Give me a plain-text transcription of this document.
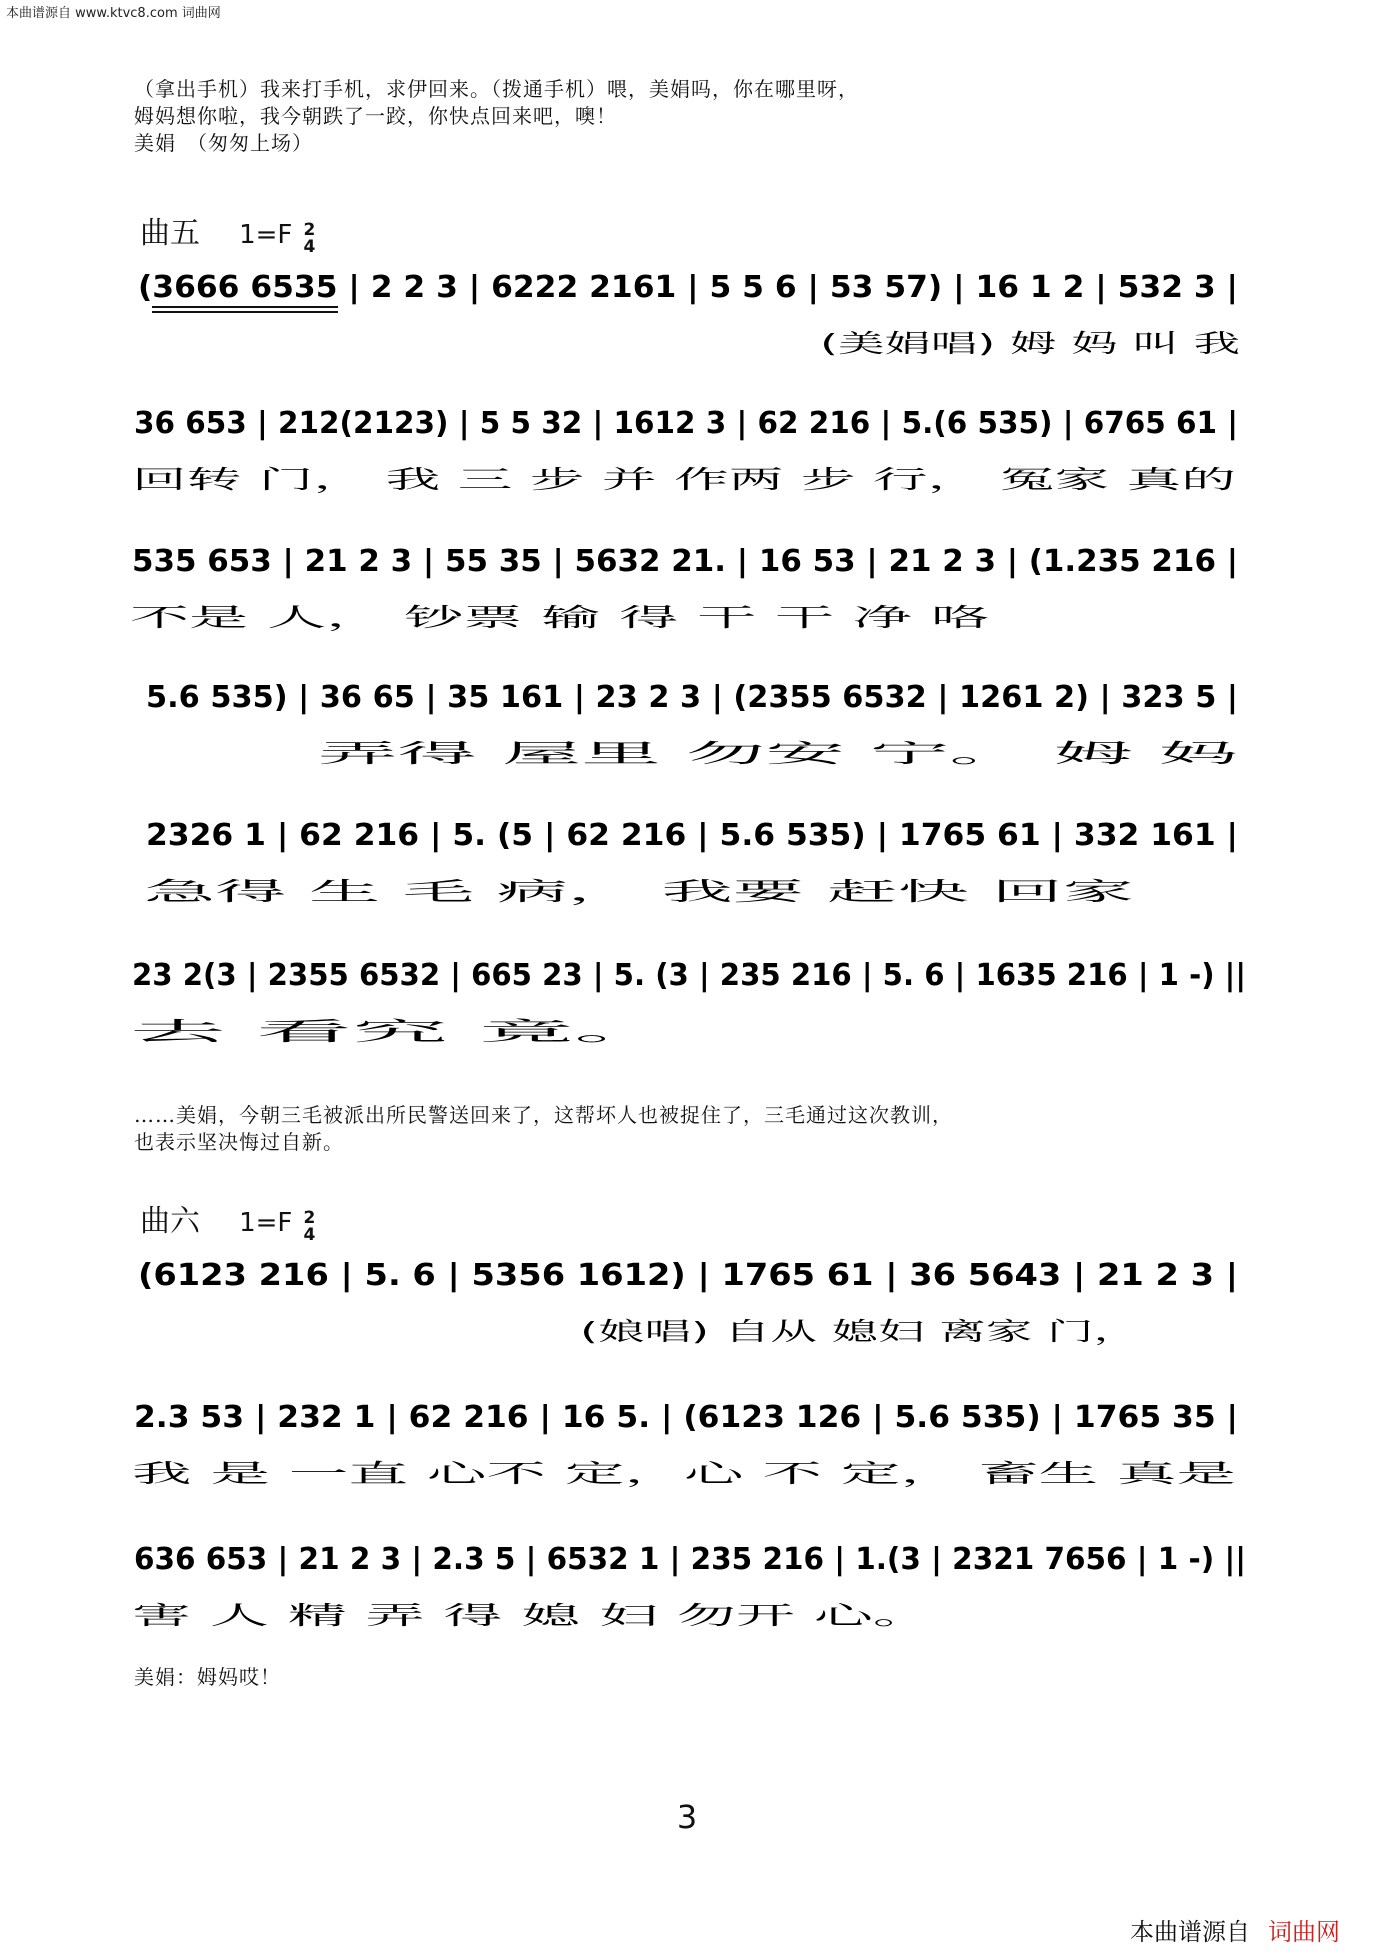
本曲谱源自 www.ktvc8.com 词曲网
（拿出手机）我来打手机，求伊回来。（拨通手机）喂，美娟吗，你在哪里呀，
姆妈想你啦，我今朝跌了一跤，你快点回来吧，噢！
美娟　（匆匆上场）
曲五 1=F 2
4
(3666 6535 | 2 2 3 | 6222 2161 | 5 5 6 | 53 57) | 16 1 2 | 532 3 |
(美娟唱) 姆 妈 叫 我
36 653 | 212(2123) | 5 5 32 | 1612 3 | 62 216 | 5.(6 535) | 6765 61 |
回转 门， 我 三 步 并 作两 步 行， 冤家 真的
535 653 | 21 2 3 | 55 35 | 5632 21. | 16 53 | 21 2 3 | (1.235 216 |
不是 人， 钞票 输 得 干 干 净 咯
5.6 535) | 36 65 | 35 161 | 23 2 3 | (2355 6532 | 1261 2) | 323 5 |
弄得 屋里 勿安 宁。 姆 妈
2326 1 | 62 216 | 5. (5 | 62 216 | 5.6 535) | 1765 61 | 332 161 |
急得 生 毛 病， 我要 赶快 回家
23 2(3 | 2355 6532 | 665 23 | 5. (3 | 235 216 | 5. 6 | 1635 216 | 1 -) ||
去 看究 竟。
……美娟，今朝三毛被派出所民警送回来了，这帮坏人也被捉住了，三毛通过这次教训，
也表示坚决悔过自新。
曲六 1=F 2
4
(6123 216 | 5. 6 | 5356 1612) | 1765 61 | 36 5643 | 21 2 3 |
(娘唱) 自从 媳妇 离家 门，
2.3 53 | 232 1 | 62 216 | 16 5. | (6123 126 | 5.6 535) | 1765 35 |
我 是 一直 心不 定，心 不 定， 畜生 真是
636 653 | 21 2 3 | 2.3 5 | 6532 1 | 235 216 | 1.(3 | 2321 7656 | 1 -) ||
害 人 精 弄 得 媳 妇 勿开 心。
美娟：姆妈哎！
3
本曲谱源自 词曲网
